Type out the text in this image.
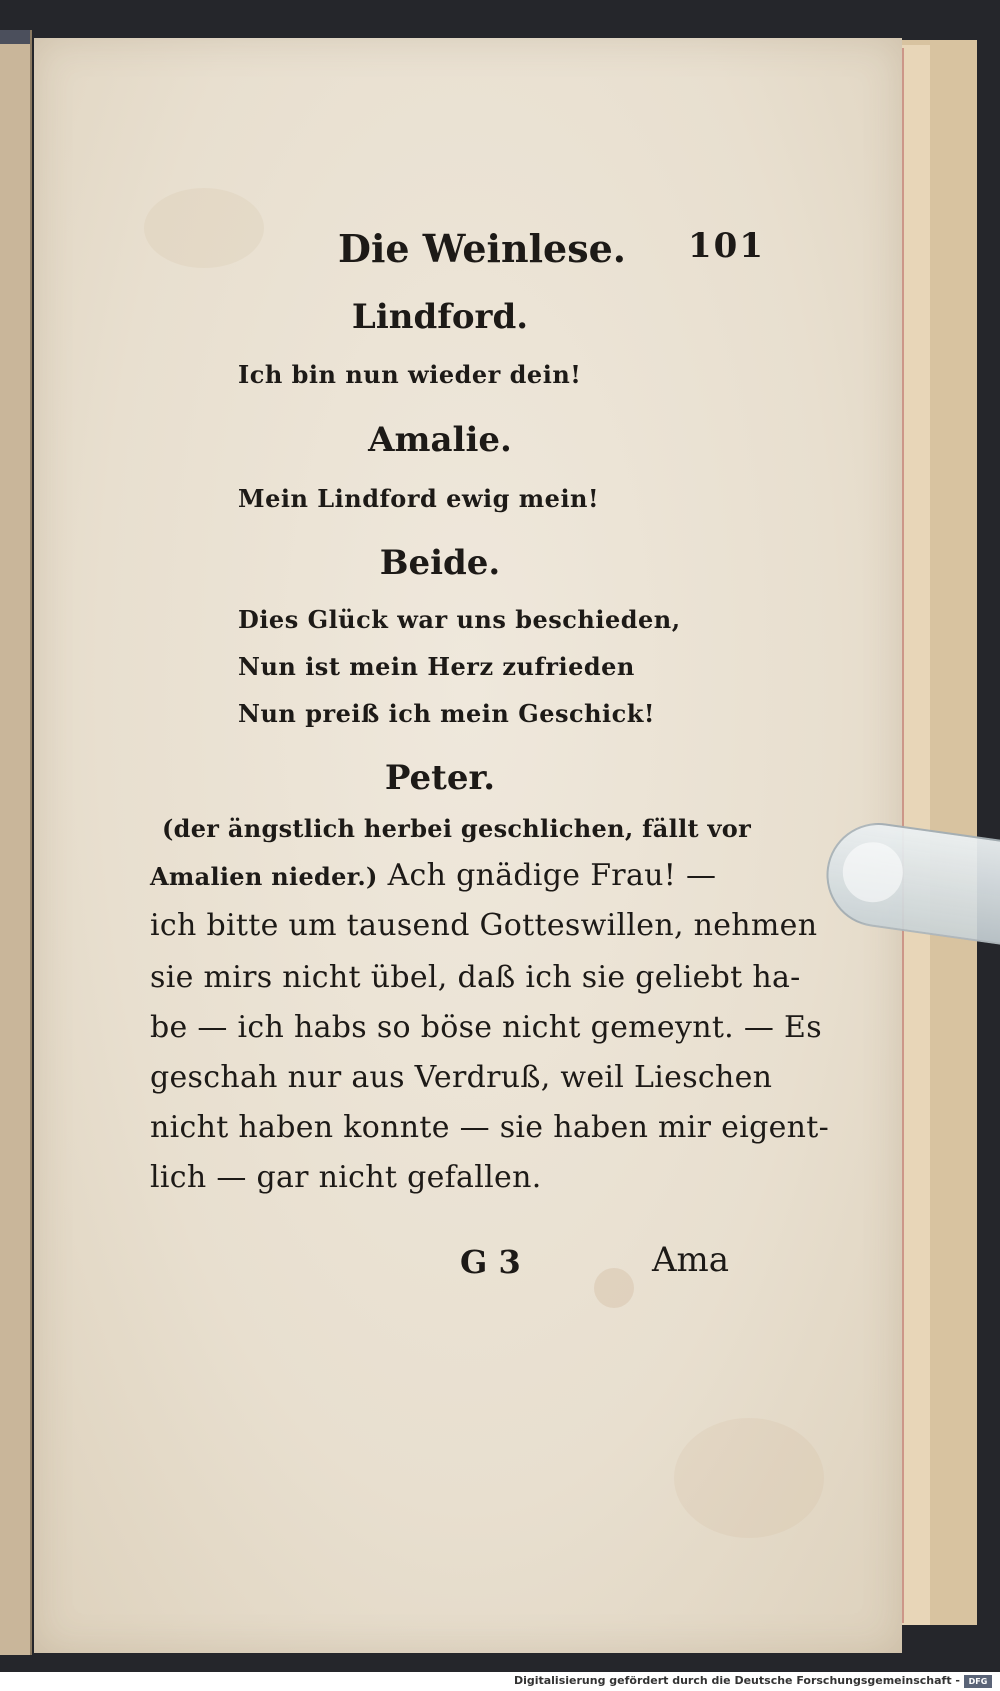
Die Weinlese. 101
Lindford.
Ich bin nun wieder dein!
Amalie.
Mein Lindford ewig mein!
Beide.
Dies Glück war uns beschieden,
Nun ist mein Herz zufrieden
Nun preiß ich mein Geschick!
Peter.
(der ängstlich herbei geschlichen, fällt vor
Amalien nieder.) Ach gnädige Frau! —
ich bitte um tausend Gotteswillen, nehmen
sie mirs nicht übel, daß ich sie geliebt ha-
be — ich habs so böse nicht gemeynt. — Es
geschah nur aus Verdruß, weil Lieschen
nicht haben konnte — sie haben mir eigent-
lich — gar nicht gefallen.
G 3	Ama
Digitalisierung gefördert durch die Deutsche Forschungsgemeinschaft -	DFG
